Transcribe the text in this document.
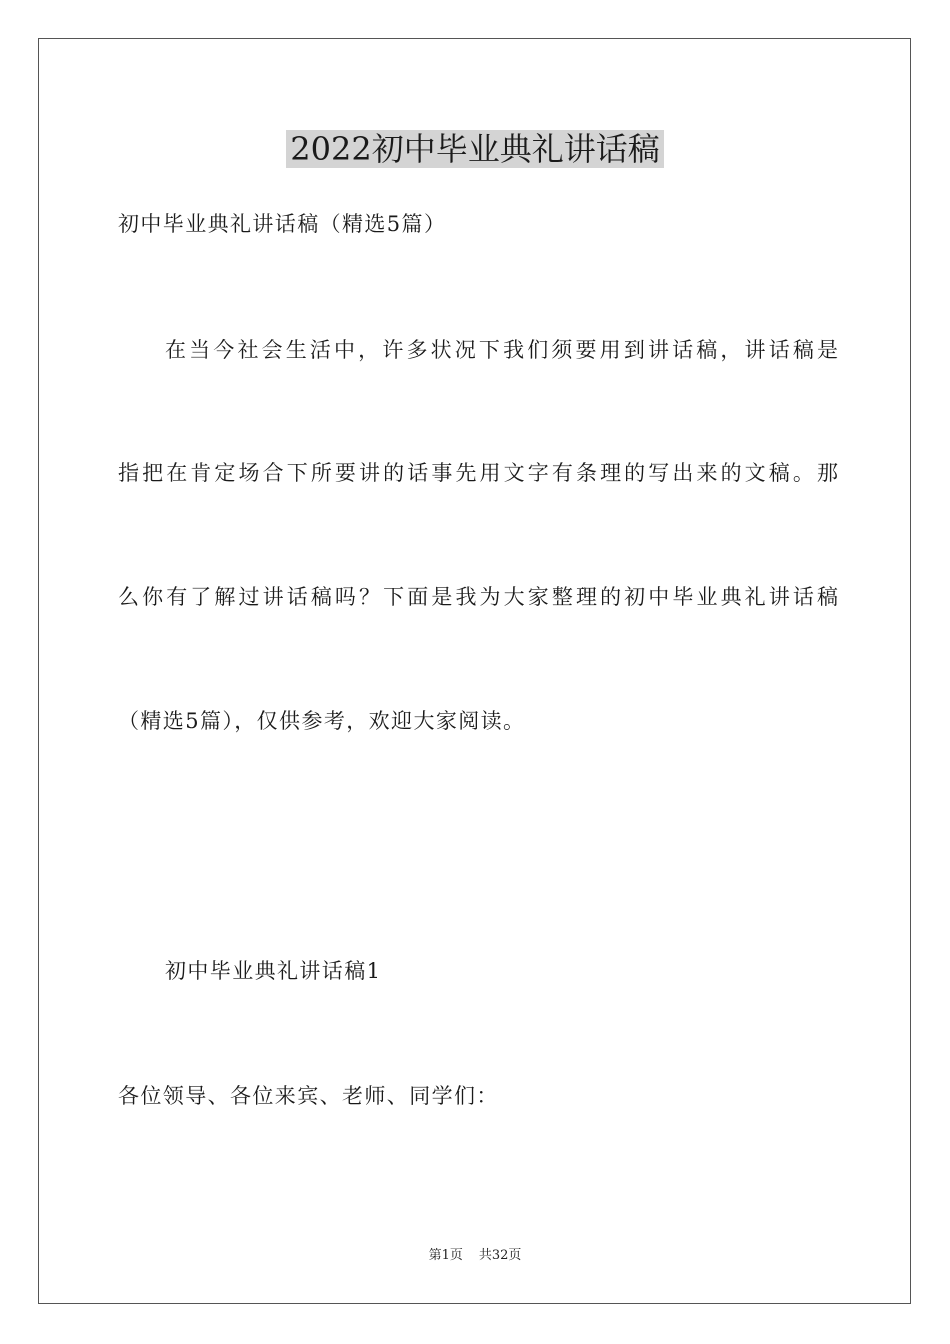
2022初中毕业典礼讲话稿

初中毕业典礼讲话稿（精选5篇）

在当今社会生活中，许多状况下我们须要用到讲话稿，讲话稿是

指把在肯定场合下所要讲的话事先用文字有条理的写出来的文稿。那

么你有了解过讲话稿吗？下面是我为大家整理的初中毕业典礼讲话稿

（精选5篇），仅供参考，欢迎大家阅读。

初中毕业典礼讲话稿1

各位领导、各位来宾、老师、同学们：

第1页 共32页
